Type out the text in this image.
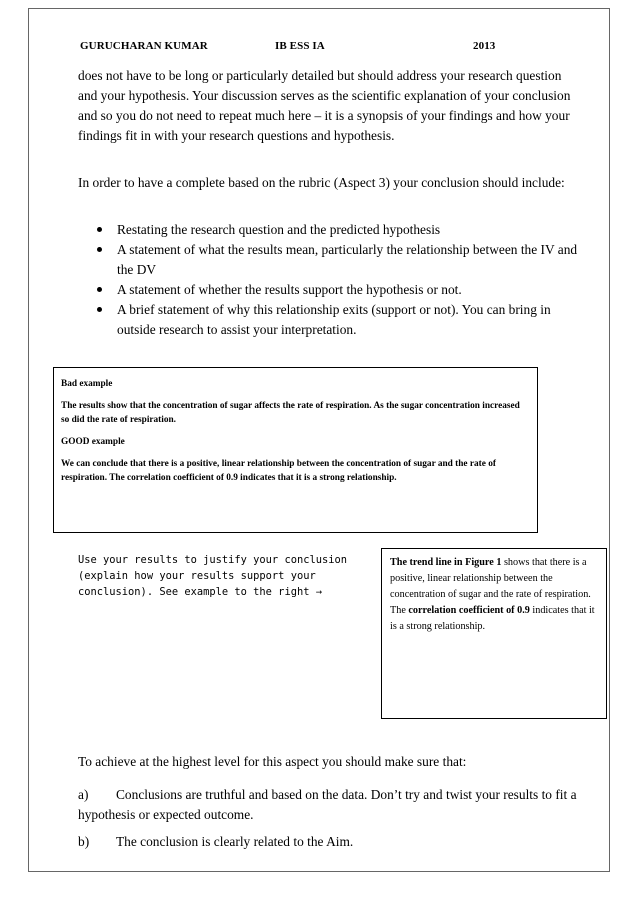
GURUCHARAN KUMAR	IB ESS IA	2013
does not have to be long or particularly detailed but should address your research question and your hypothesis. Your discussion serves as the scientific explanation of your conclusion and so you do not need to repeat much here – it is a synopsis of your findings and how your findings fit in with your research questions and hypothesis.
In order to have a complete based on the rubric (Aspect 3) your conclusion should include:
Restating the research question and the predicted hypothesis
A statement of what the results mean, particularly the relationship between the IV and the DV
A statement of whether the results support the hypothesis or not.
A brief statement of why this relationship exits (support or not). You can bring in outside research to assist your interpretation.

Bad example

The results show that the concentration of sugar affects the rate of respiration. As the sugar concentration increased so did the rate of respiration.

GOOD example

We can conclude that there is a positive, linear relationship between the concentration of sugar and the rate of respiration. The correlation coefficient of 0.9 indicates that it is a strong relationship.

Use your results to justify your conclusion (explain how your results support your conclusion). See example to the right →
The trend line in Figure 1 shows that there is a positive, linear relationship between the concentration of sugar and the rate of respiration. The correlation coefficient of 0.9 indicates that it is a strong relationship.
To achieve at the highest level for this aspect you should make sure that:
a) Conclusions are truthful and based on the data. Don’t try and twist your results to fit a hypothesis or expected outcome.
b) The conclusion is clearly related to the Aim.
